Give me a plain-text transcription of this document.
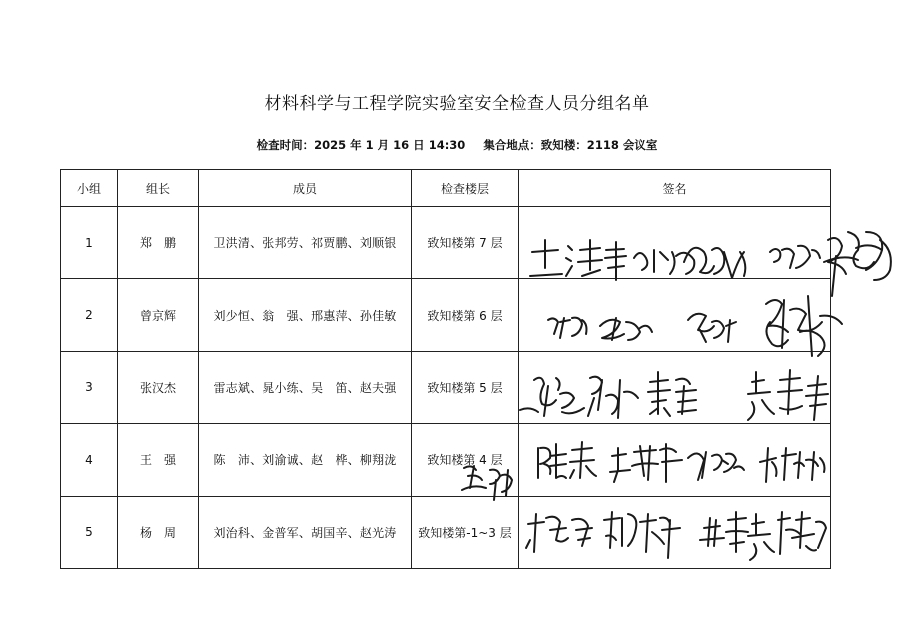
材料科学与工程学院实验室安全检查人员分组名单
检查时间：2025 年 1 月 16 日 14:30 集合地点：致知楼：2118 会议室
小组	组长	成员	检查楼层	签名
1	郑　鹏	卫洪清、张邦劳、祁贾鹏、刘顺银	致知楼第 7 层	
2	曾京辉	刘少恒、翁　强、邢惠萍、孙佳敏	致知楼第 6 层	
3	张汉杰	雷志斌、晁小练、吴　笛、赵夫强	致知楼第 5 层	
4	王　强	陈　沛、刘渝诚、赵　桦、柳翔泷	致知楼第 4 层	
5	杨　周	刘治科、金普军、胡国辛、赵光涛	致知楼第-1~3 层	
